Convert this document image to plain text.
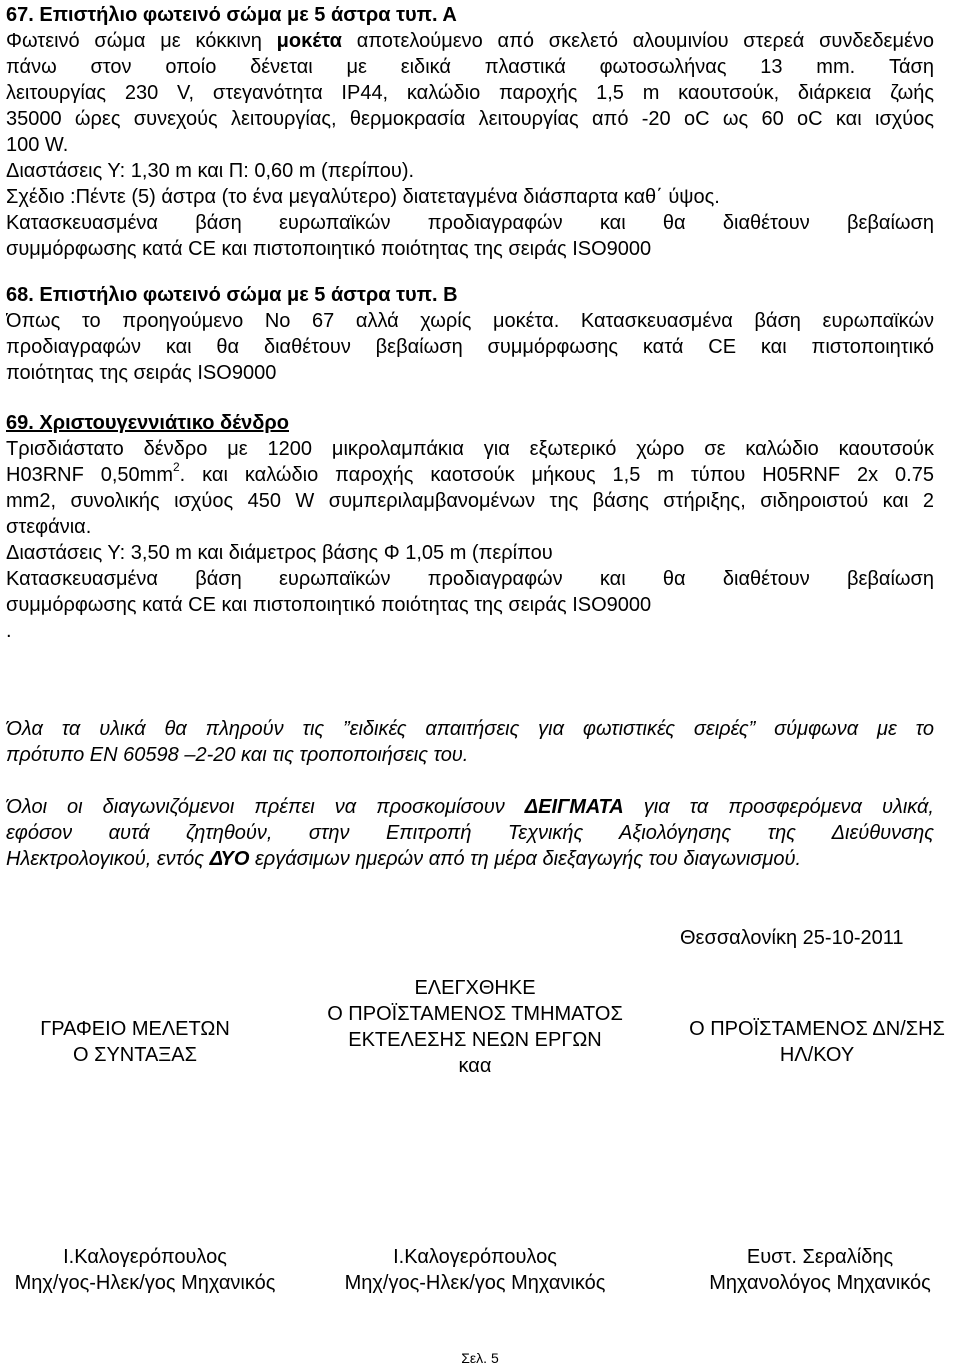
67. Επιστήλιο φωτεινό σώμα με 5 άστρα τυπ. Α
Φωτεινό σώμα με κόκκινη μοκέτα αποτελούμενο από σκελετό αλουμινίου στερεά συνδεδεμένο
πάνω στον οποίο δένεται με ειδικά πλαστικά φωτοσωλήνας 13 mm. Τάση
λειτουργίας 230 V, στεγανότητα IP44, καλώδιο παροχής 1,5 m καουτσούκ, διάρκεια ζωής
35000 ώρες συνεχούς λειτουργίας, θερμοκρασία λειτουργίας από -20 oC ως 60 oC και ισχύος
100 W.
Διαστάσεις Υ: 1,30 m και Π: 0,60 m (περίπου).
Σχέδιο :Πέντε (5) άστρα (το ένα μεγαλύτερο) διατεταγμένα διάσπαρτα καθ΄ ύψος.
Κατασκευασμένα βάση ευρωπαϊκών προδιαγραφών και θα διαθέτουν βεβαίωση
συμμόρφωσης κατά CE και πιστοποιητικό ποιότητας της σειράς ISO9000
68. Επιστήλιο φωτεινό σώμα με 5 άστρα τυπ. Β
Όπως το προηγούμενο Νο 67 αλλά χωρίς μοκέτα. Κατασκευασμένα βάση ευρωπαϊκών
προδιαγραφών και θα διαθέτουν βεβαίωση συμμόρφωσης κατά CE και πιστοποιητικό
ποιότητας της σειράς ISO9000
69. Χριστουγεννιάτικο δένδρο
Τρισδιάστατο δένδρο με 1200 μικρολαμπάκια για εξωτερικό χώρο σε καλώδιο καουτσούκ
H03RNF $0,50mm^2$. και καλώδιο παροχής καοτσούκ μήκους 1,5 m τύπου H05RNF 2x 0.75
mm2, συνολικής ισχύος 450 W συμπεριλαμβανομένων της βάσης στήριξης, σιδηροιστού και 2
στεφάνια.
Διαστάσεις Υ: 3,50 m και διάμετρος βάσης Φ 1,05 m (περίπου
Κατασκευασμένα βάση ευρωπαϊκών προδιαγραφών και θα διαθέτουν βεβαίωση
συμμόρφωσης κατά CE και πιστοποιητικό ποιότητας της σειράς ISO9000
.
Όλα τα υλικά θα πληρούν τις ”ειδικές απαιτήσεις για φωτιστικές σειρές” σύμφωνα με το
πρότυπο ΕΝ 60598 –2-20 και τις τροποποιήσεις του.
Όλοι οι διαγωνιζόμενοι πρέπει να προσκομίσουν ΔΕΙΓΜΑΤΑ για τα προσφερόμενα υλικά,
εφόσον αυτά ζητηθούν, στην Επιτροπή Τεχνικής Αξιολόγησης της Διεύθυνσης
Ηλεκτρολογικού, εντός ΔΥΟ εργάσιμων ημερών από τη μέρα διεξαγωγής του διαγωνισμού.
Θεσσαλονίκη 25-10-2011
ΓΡΑΦΕΙΟ ΜΕΛΕΤΩΝ
Ο ΣΥΝΤΑΞΑΣ
ΕΛΕΓΧΘΗΚΕ
Ο ΠΡΟΪΣΤΑΜΕΝΟΣ ΤΜΗΜΑΤΟΣ
ΕΚΤΕΛΕΣΗΣ ΝΕΩΝ ΕΡΓΩΝ
καα
Ο ΠΡΟΪΣΤΑΜΕΝΟΣ ΔΝ/ΣΗΣ
ΗΛ/ΚΟΥ
Ι.Καλογερόπουλος
Μηχ/γος-Ηλεκ/γος Μηχανικός
Ι.Καλογερόπουλος
Μηχ/γος-Ηλεκ/γος Μηχανικός
Ευστ. Σεραλίδης
Μηχανολόγος Μηχανικός
Σελ. 5
